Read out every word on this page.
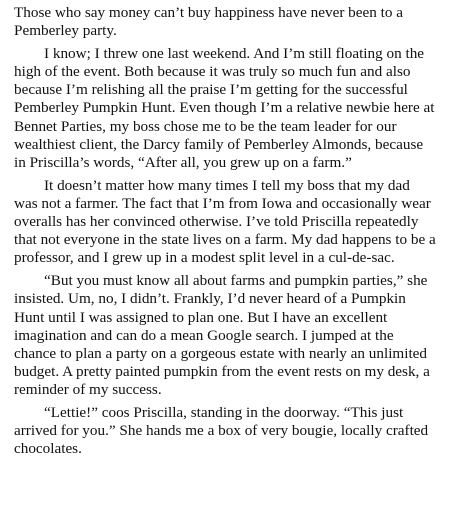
Those who say money can’t buy happiness have never been to a Pemberley party.

I know; I threw one last weekend. And I’m still floating on the high of the event. Both because it was truly so much fun and also because I’m relishing all the praise I’m getting for the successful Pemberley Pumpkin Hunt. Even though I’m a relative newbie here at Bennet Parties, my boss chose me to be the team leader for our wealthiest client, the Darcy family of Pemberley Almonds, because in Priscilla’s words, “After all, you grew up on a farm.”

It doesn’t matter how many times I tell my boss that my dad was not a farmer. The fact that I’m from Iowa and occasionally wear overalls has her convinced otherwise. I’ve told Priscilla repeatedly that not everyone in the state lives on a farm. My dad happens to be a professor, and I grew up in a modest split level in a cul-de-sac.

“But you must know all about farms and pumpkin parties,” she insisted. Um, no, I didn’t. Frankly, I’d never heard of a Pumpkin Hunt until I was assigned to plan one. But I have an excellent imagination and can do a mean Google search. I jumped at the chance to plan a party on a gorgeous estate with nearly an unlimited budget. A pretty painted pumpkin from the event rests on my desk, a reminder of my success.

“Lettie!” coos Priscilla, standing in the doorway. “This just arrived for you.” She hands me a box of very bougie, locally crafted chocolates.
